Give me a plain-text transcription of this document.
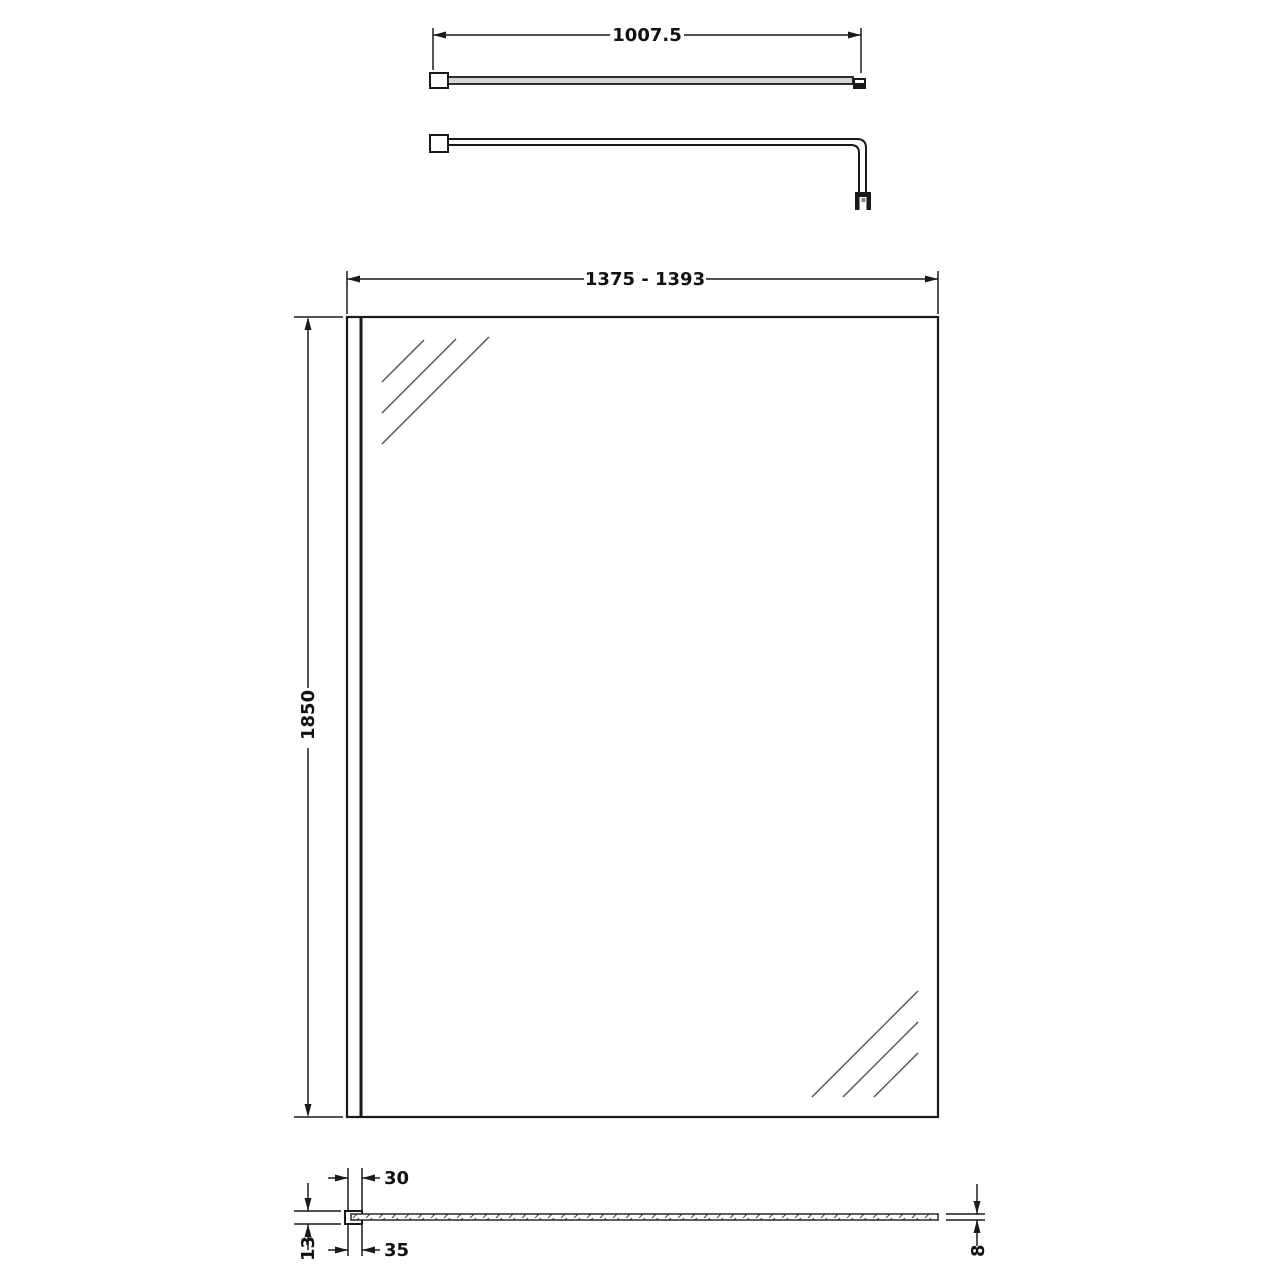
1007.5
1375 - 1393
1850
30
35
13	8
